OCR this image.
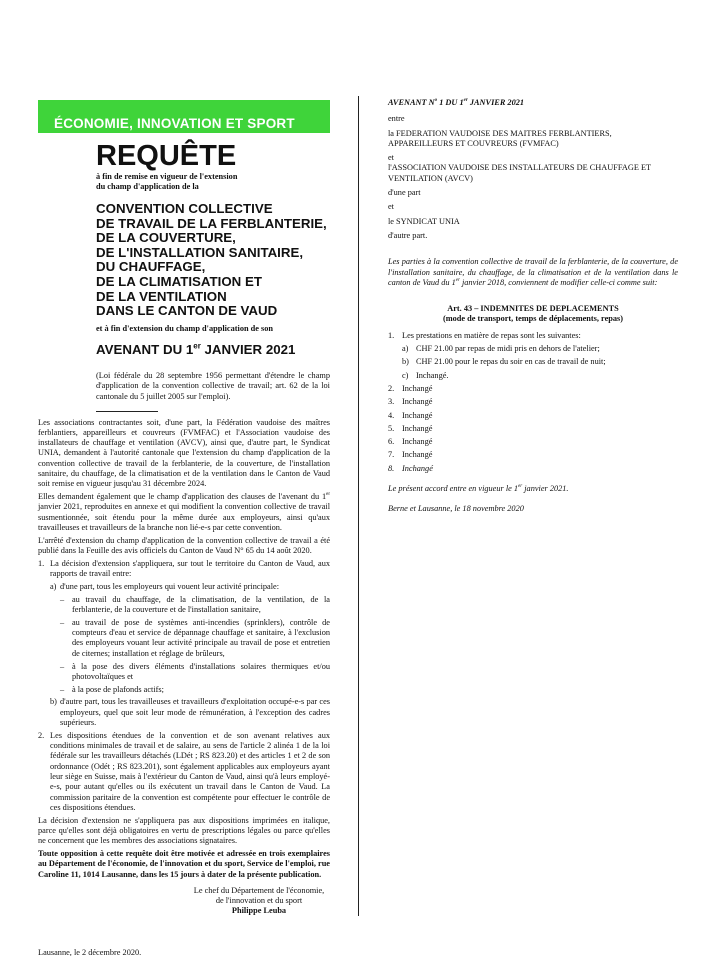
ÉCONOMIE, INNOVATION ET SPORT
REQUÊTE
à fin de remise en vigueur de l'extension
du champ d'application de la
CONVENTION COLLECTIVE
DE TRAVAIL DE LA FERBLANTERIE,
DE LA COUVERTURE,
DE L'INSTALLATION SANITAIRE,
DU CHAUFFAGE,
DE LA CLIMATISATION ET
DE LA VENTILATION
DANS LE CANTON DE VAUD
et à fin d'extension du champ d'application de son
AVENANT DU 1er JANVIER 2021
(Loi fédérale du 28 septembre 1956 permettant d'étendre le champ d'application de la convention collective de travail; art. 62 de la loi cantonale du 5 juillet 2005 sur l'emploi).

Les associations contractantes soit, d'une part, la Fédération vaudoise des maîtres ferblantiers, appareilleurs et couvreurs (FVMFAC) et l'Association vaudoise des installateurs de chauffage et ventilation (AVCV), ainsi que, d'autre part, le Syndicat UNIA, demandent à l'autorité cantonale que l'extension du champ d'application de la convention collective de travail de la ferblanterie, de la couverture, de l'installation sanitaire, du chauffage, de la climatisation et de la ventilation dans le Canton de Vaud soit remise en vigueur jusqu'au 31 décembre 2024.

Elles demandent également que le champ d'application des clauses de l'avenant du 1er janvier 2021, reproduites en annexe et qui modifient la convention collective de travail susmentionnée, soit étendu pour la même durée aux employeurs, ainsi qu'aux travailleuses et travailleurs de la branche non lié-e-s par cette convention.

L'arrêté d'extension du champ d'application de la convention collective de travail a été publié dans la Feuille des avis officiels du Canton de Vaud N° 65 du 14 août 2020.

1. La décision d'extension s'appliquera, sur tout le territoire du Canton de Vaud, aux rapports de travail entre:

a) d'une part, tous les employeurs qui vouent leur activité principale:

– au travail du chauffage, de la climatisation, de la ventilation, de la ferblanterie, de la couverture et de l'installation sanitaire,

– au travail de pose de systèmes anti-incendies (sprinklers), contrôle de compteurs d'eau et service de dépannage chauffage et sanitaire, à l'exclusion des employeurs vouant leur activité principale au travail de pose et entretien de citernes; installation et réglage de brûleurs,

– à la pose des divers éléments d'installations solaires thermiques et/ou photovoltaïques et

– à la pose de plafonds actifs;

b) d'autre part, tous les travailleuses et travailleurs d'exploitation occupé-e-s par ces employeurs, quel que soit leur mode de rémunération, à l'exception des cadres supérieurs.

2. Les dispositions étendues de la convention et de son avenant relatives aux conditions minimales de travail et de salaire, au sens de l'article 2 alinéa 1 de la loi fédérale sur les travailleurs détachés (LDét ; RS 823.20) et des articles 1 et 2 de son ordonnance (Odét ; RS 823.201), sont également applicables aux employeurs ayant leur siège en Suisse, mais à l'extérieur du Canton de Vaud, ainsi qu'à leurs employé-e-s, pour autant qu'elles ou ils exécutent un travail dans le Canton de Vaud. La commission paritaire de la convention est compétente pour effectuer le contrôle de ces dispositions étendues.

La décision d'extension ne s'appliquera pas aux dispositions imprimées en italique, parce qu'elles sont déjà obligatoires en vertu de prescriptions légales ou parce qu'elles ne concernent que les membres des associations signataires.

Toute opposition à cette requête doit être motivée et adressée en trois exemplaires au Département de l'économie, de l'innovation et du sport, Service de l'emploi, rue Caroline 11, 1014 Lausanne, dans les 15 jours à dater de la présente publication.

Le chef du Département de l'économie,
de l'innovation et du sport
Philippe Leuba
Lausanne, le 2 décembre 2020.
AVENANT $N^o$ 1 DU 1er JANVIER 2021

entre

la FEDERATION VAUDOISE DES MAITRES FERBLANTIERS, APPAREILLEURS ET COUVREURS (FVMFAC)

et

l'ASSOCIATION VAUDOISE DES INSTALLATEURS DE CHAUFFAGE ET VENTILATION (AVCV)

d'une part

et

le SYNDICAT UNIA

d'autre part.

Les parties à la convention collective de travail de la ferblanterie, de la couverture, de l'installation sanitaire, du chauffage, de la climatisation et de la ventilation dans le canton de Vaud du 1er janvier 2018, conviennent de modifier celle-ci comme suit:

Art. 43 – INDEMNITES DE DEPLACEMENTS
(mode de transport, temps de déplacements, repas)
1. Les prestations en matière de repas sont les suivantes:
a) CHF 21.00 par repas de midi pris en dehors de l'atelier;
b) CHF 21.00 pour le repas du soir en cas de travail de nuit;
c) Inchangé.
2. Inchangé
3. Inchangé
4. Inchangé
5. Inchangé
6. Inchangé
7. Inchangé
8. Inchangé

Le présent accord entre en vigueur le 1er janvier 2021.

Berne et Lausanne, le 18 novembre 2020
